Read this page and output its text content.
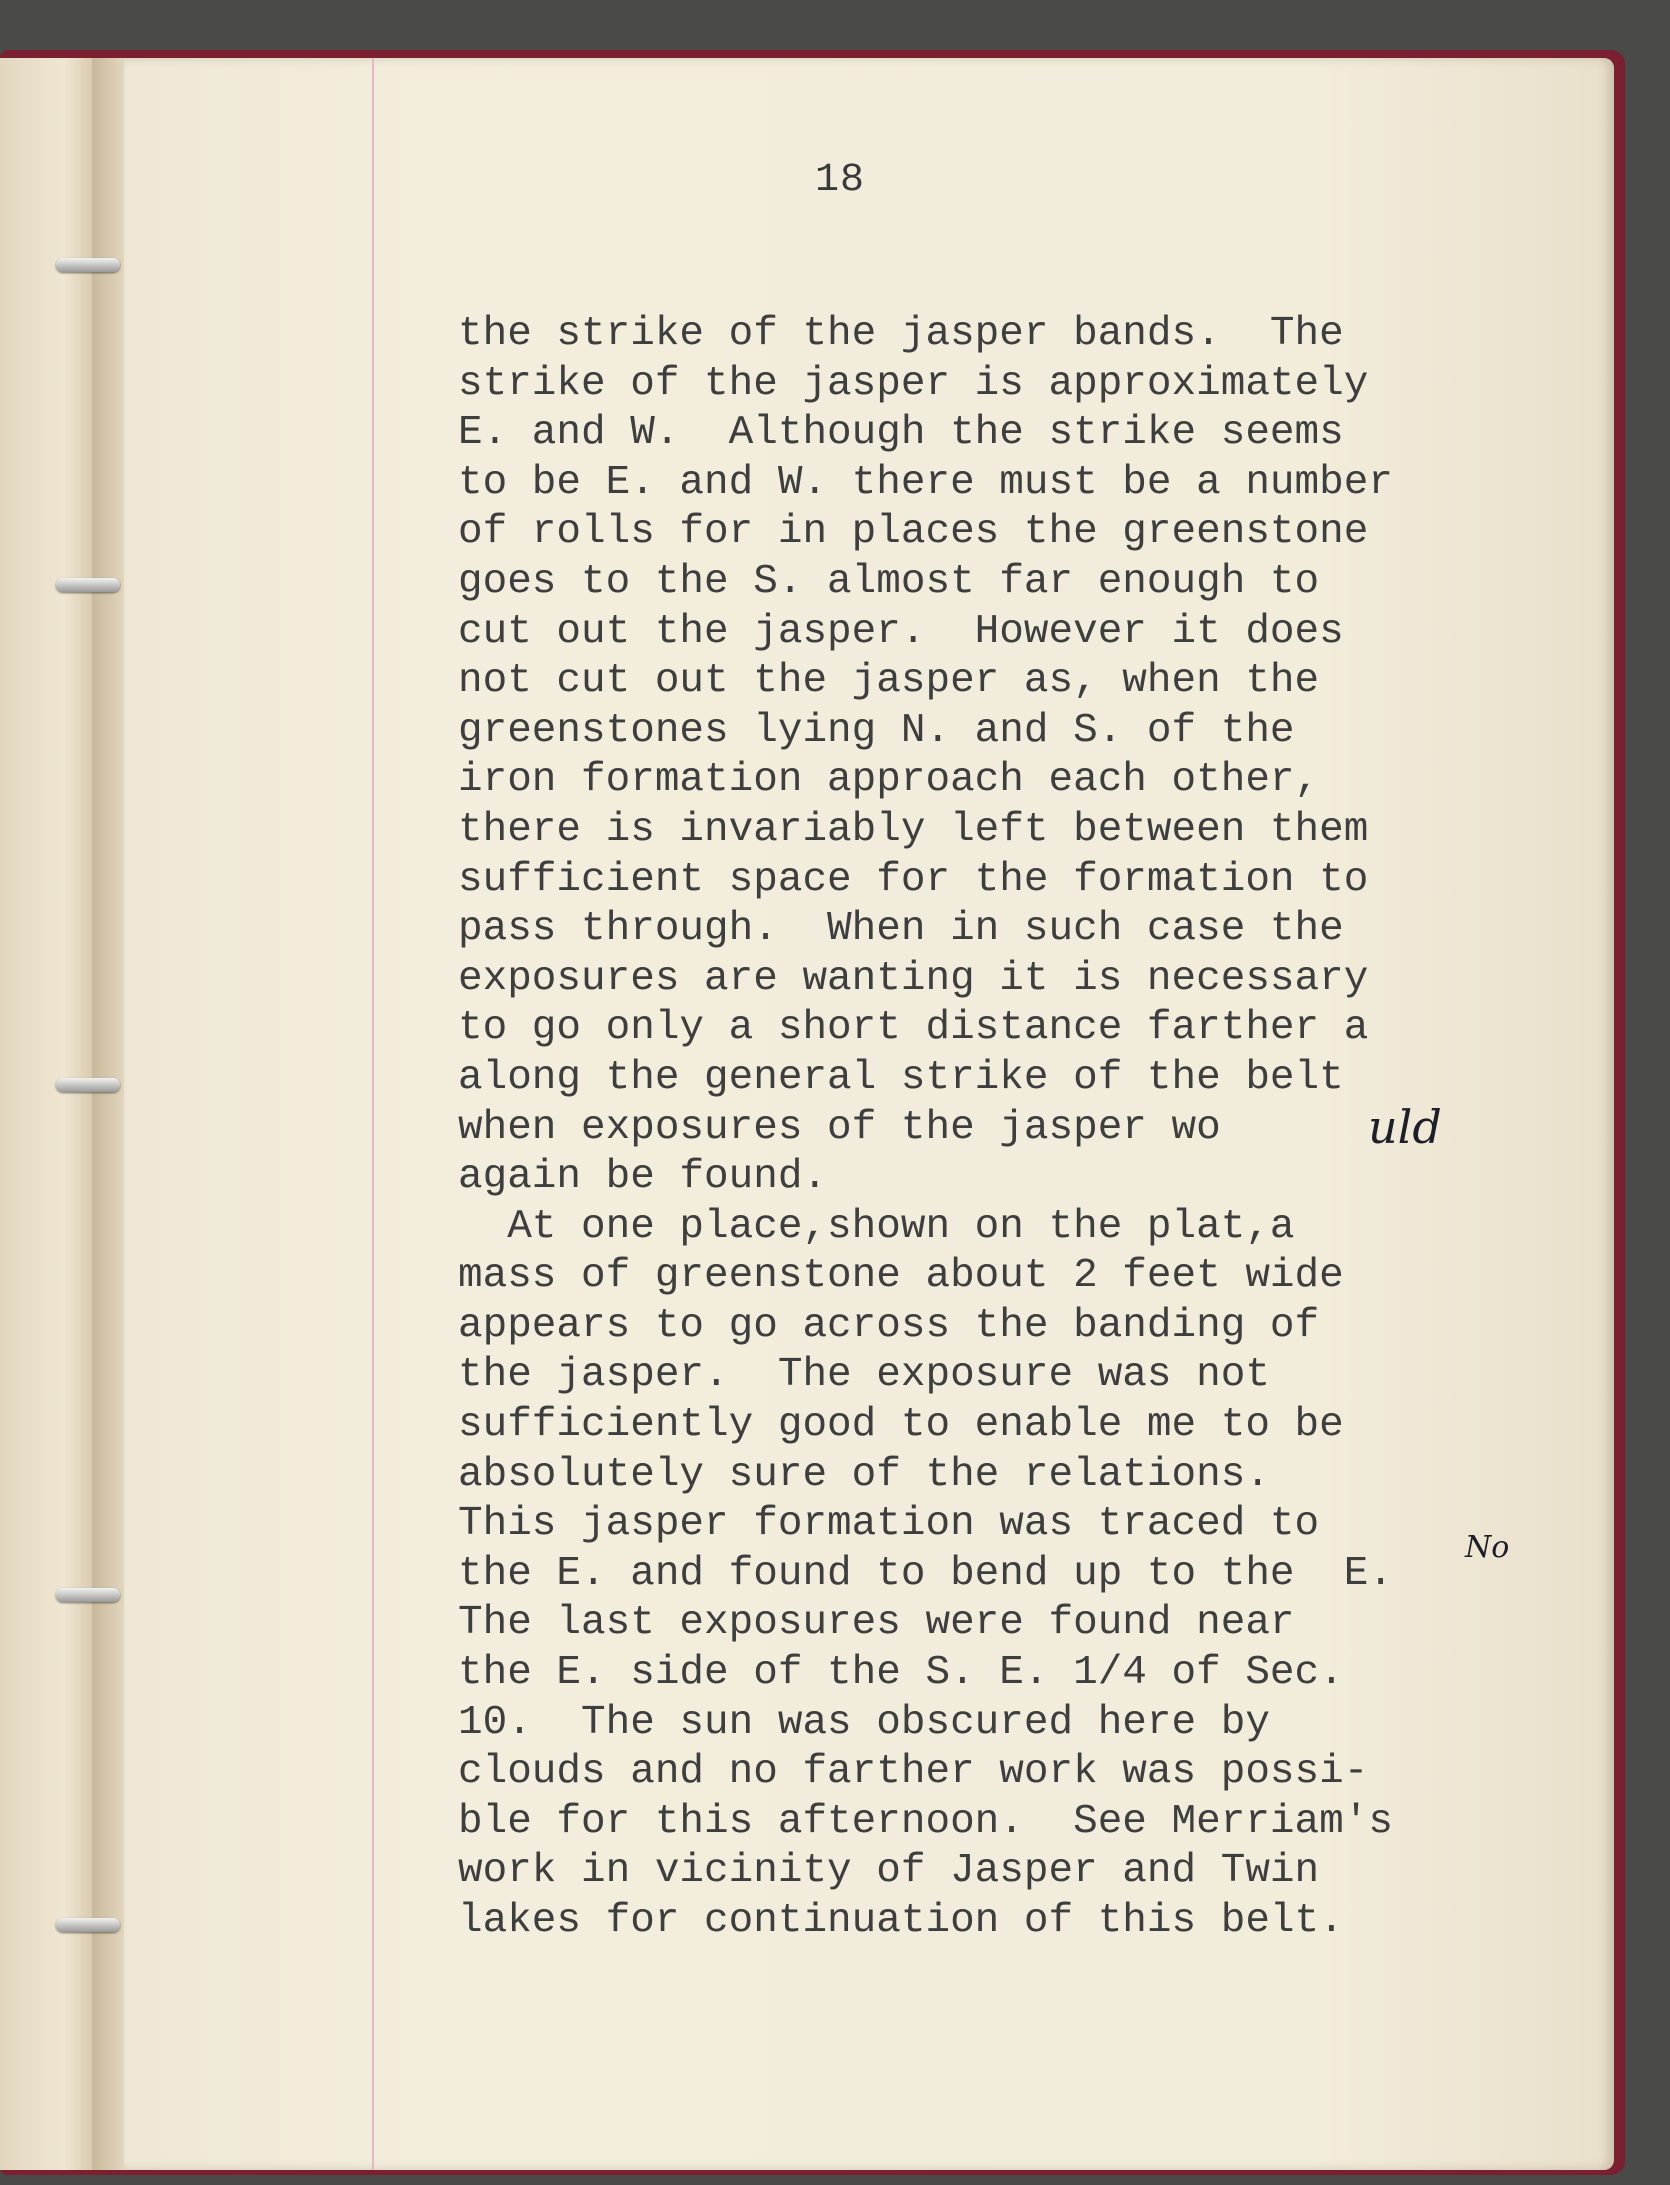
18
the strike of the jasper bands.  The
strike of the jasper is approximately
E. and W.  Although the strike seems
to be E. and W. there must be a number
of rolls for in places the greenstone
goes to the S. almost far enough to
cut out the jasper.  However it does
not cut out the jasper as, when the
greenstones lying N. and S. of the
iron formation approach each other,
there is invariably left between them
sufficient space for the formation to
pass through.  When in such case the
exposures are wanting it is necessary
to go only a short distance farther a
along the general strike of the belt
when exposures of the jasper wo
again be found.
At one place,shown on the plat,a
mass of greenstone about 2 feet wide
appears to go across the banding of
the jasper.  The exposure was not
sufficiently good to enable me to be
absolutely sure of the relations.
This jasper formation was traced to
the E. and found to bend up to the  E.
The last exposures were found near
the E. side of the S. E. 1/4 of Sec.
10.  The sun was obscured here by
clouds and no farther work was possi-
ble for this afternoon.  See Merriam's
work in vicinity of Jasper and Twin
lakes for continuation of this belt.
uld
No
